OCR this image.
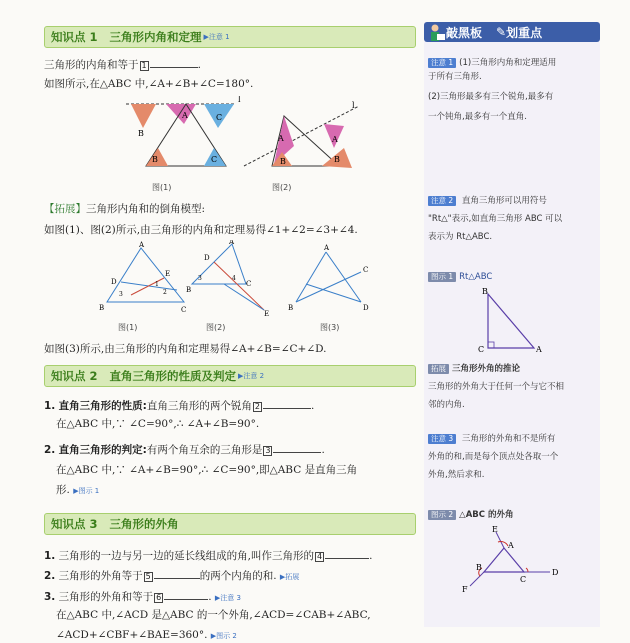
知识点 1 三角形内角和定理 ▶注意 1
三角形的内角和等于 1	.
如图所示,在△ABC 中,∠A+∠B+∠C=180°.
l
B
A	C
B	C
图(1)
l
A
B
A
B
图(2)
【拓展】三角形内角和的倒角模型:
如图(1)、图(2)所示,由三角形的内角和定理易得∠1+∠2=∠3+∠4.
A
D
B	C
E
3
1
2
图(1)
A
D
B
C
E
3	4
图(2)
A
B
C
D
图(3)
如图(3)所示,由三角形的内角和定理易得∠A+∠B=∠C+∠D.
知识点 2 直角三角形的性质及判定 ▶注意 2
1. 直角三角形的性质:直角三角形的两个锐角 2	.
在△ABC 中,∵ ∠C=90°,∴ ∠A+∠B=90°.
2. 直角三角形的判定:有两个角互余的三角形是 3	.
在△ABC 中,∵ ∠A+∠B=90°,∴ ∠C=90°,即△ABC 是直角三角
形. ▶图示 1
知识点 3 三角形的外角
1. 三角形的一边与另一边的延长线组成的角,叫作三角形的 4	.
2. 三角形的外角等于 5	的两个内角的和. ▶拓展
3. 三角形的外角和等于 6	. ▶注意 3
在△ABC 中,∠ACD 是△ABC 的一个外角,∠ACD=∠CAB+∠ABC,
∠ACD+∠CBF+∠BAE=360°. ▶图示 2
敲黑板 ✎ 划重点
注意 1 (1)三角形内角和定理适用
于所有三角形.

(2)三角形最多有三个锐角,最多有
一个钝角,最多有一个直角.
注意 2 直角三角形可以用符号

"Rt△"表示,如直角三角形 ABC 可以
表示为 Rt△ABC.
图示 1 Rt△ABC
B
C	A
拓展 三角形外角的推论

三角形的外角大于任何一个与它不相
邻的内角.
注意 3 三角形的外角和不是所有

外角的和,而是每个顶点处各取一个
外角,然后求和.
图示 2 △ABC 的外角
E
A
B
C
D
F
